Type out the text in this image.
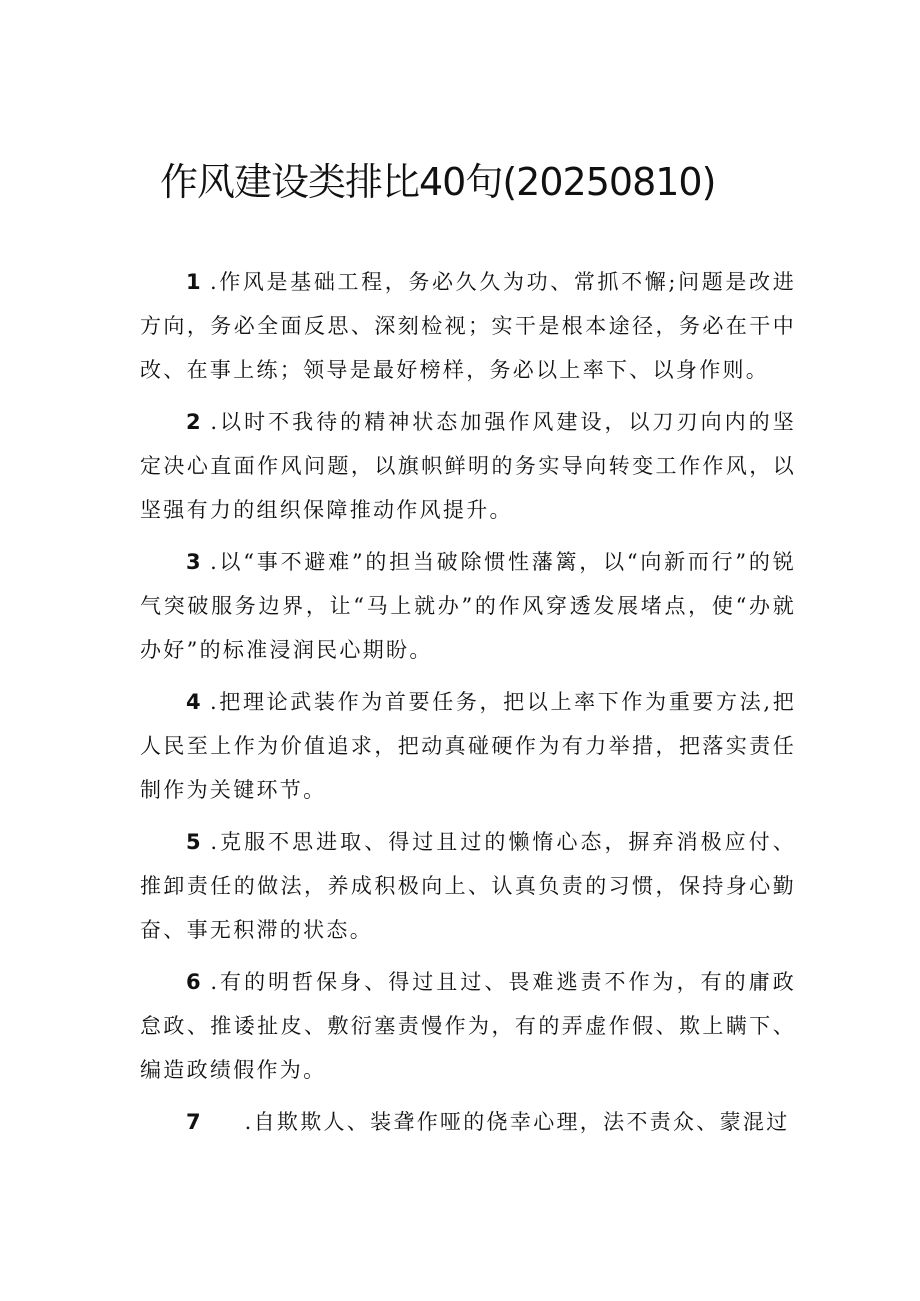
作风建设类排比40句(20250810)

1 .作风是基础工程，务必久久为功、常抓不懈;问题是改进方向，务必全面反思、深刻检视；实干是根本途径，务必在干中改、在事上练；领导是最好榜样，务必以上率下、以身作则。

2 .以时不我待的精神状态加强作风建设，以刀刃向内的坚定决心直面作风问题，以旗帜鲜明的务实导向转变工作作风，以坚强有力的组织保障推动作风提升。

3 .以“事不避难”的担当破除惯性藩篱，以“向新而行”的锐气突破服务边界，让“马上就办”的作风穿透发展堵点，使“办就办好”的标准浸润民心期盼。

4 .把理论武装作为首要任务，把以上率下作为重要方法,把人民至上作为价值追求，把动真碰硬作为有力举措，把落实责任制作为关键环节。

5 .克服不思进取、得过且过的懒惰心态，摒弃消极应付、推卸责任的做法，养成积极向上、认真负责的习惯，保持身心勤奋、事无积滞的状态。

6 .有的明哲保身、得过且过、畏难逃责不作为，有的庸政怠政、推诿扯皮、敷衍塞责慢作为，有的弄虚作假、欺上瞒下、编造政绩假作为。

7 .自欺欺人、装聋作哑的侥幸心理，法不责众、蒙混过
